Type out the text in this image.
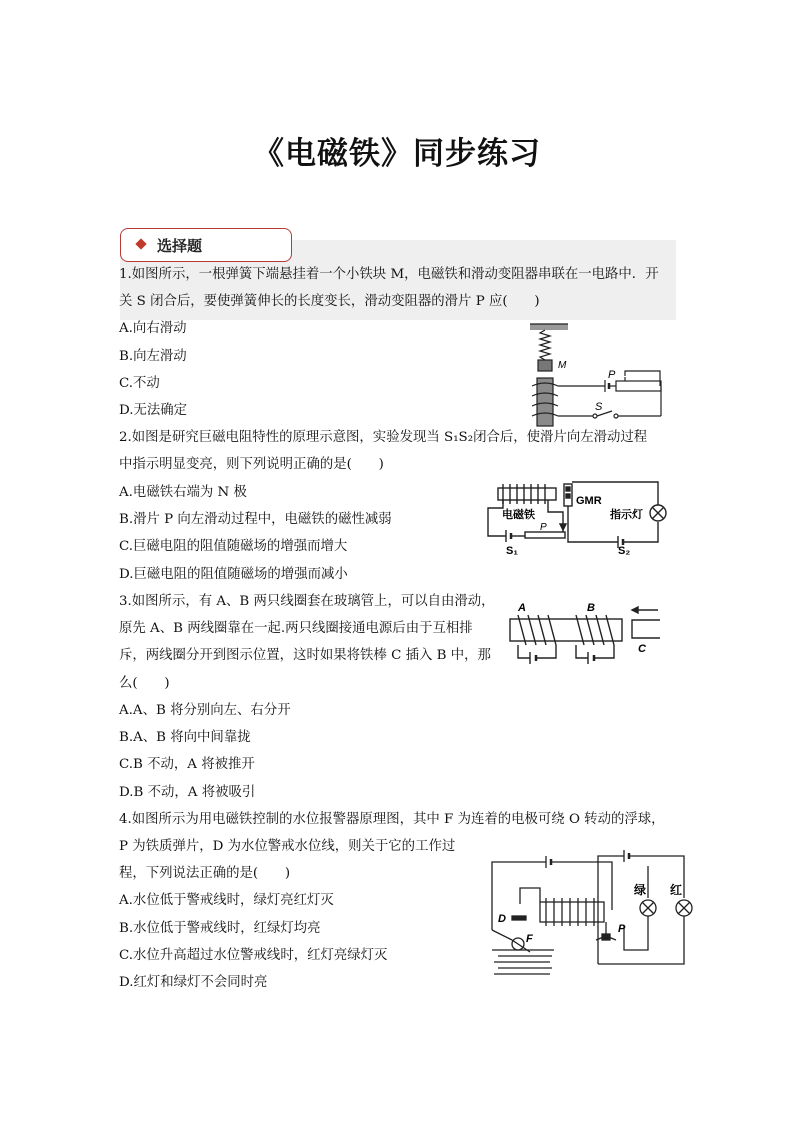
《电磁铁》同步练习
选择题
1.如图所示，一根弹簧下端悬挂着一个小铁块 M，电磁铁和滑动变阻器串联在一电路中．开
关 S 闭合后，要使弹簧伸长的长度变长，滑动变阻器的滑片 P 应(　　)
A.向右滑动
B.向左滑动
C.不动
D.无法确定
M
P
S
2.如图是研究巨磁电阻特性的原理示意图，实验发现当 S₁S₂闭合后，使滑片向左滑动过程
中指示明显变亮，则下列说明正确的是(　　)
A.电磁铁右端为 N 极
B.滑片 P 向左滑动过程中，电磁铁的磁性减弱
C.巨磁电阻的阻值随磁场的增强而增大
D.巨磁电阻的阻值随磁场的增强而减小
GMR
电磁铁	指示灯
P
S₁	S₂
3.如图所示，有 A、B 两只线圈套在玻璃管上，可以自由滑动，
原先 A、B 两线圈靠在一起.两只线圈接通电源后由于互相排
斥，两线圈分开到图示位置，这时如果将铁棒 C 插入 B 中，那
么(　　)
A.A、B 将分别向左、右分开
B.A、B 将向中间靠拢
C.B 不动，A 将被推开
D.B 不动，A 将被吸引
A	B
C
4.如图所示为用电磁铁控制的水位报警器原理图，其中 F 为连着的电极可绕 O 转动的浮球，
P 为铁质弹片，D 为水位警戒水位线，则关于它的工作过
程，下列说法正确的是(　　)
A.水位低于警戒线时，绿灯亮红灯灭
B.水位低于警戒线时，红绿灯均亮
C.水位升高超过水位警戒线时，红灯亮绿灯灭
D.红灯和绿灯不会同时亮
D
F
P
绿 红
